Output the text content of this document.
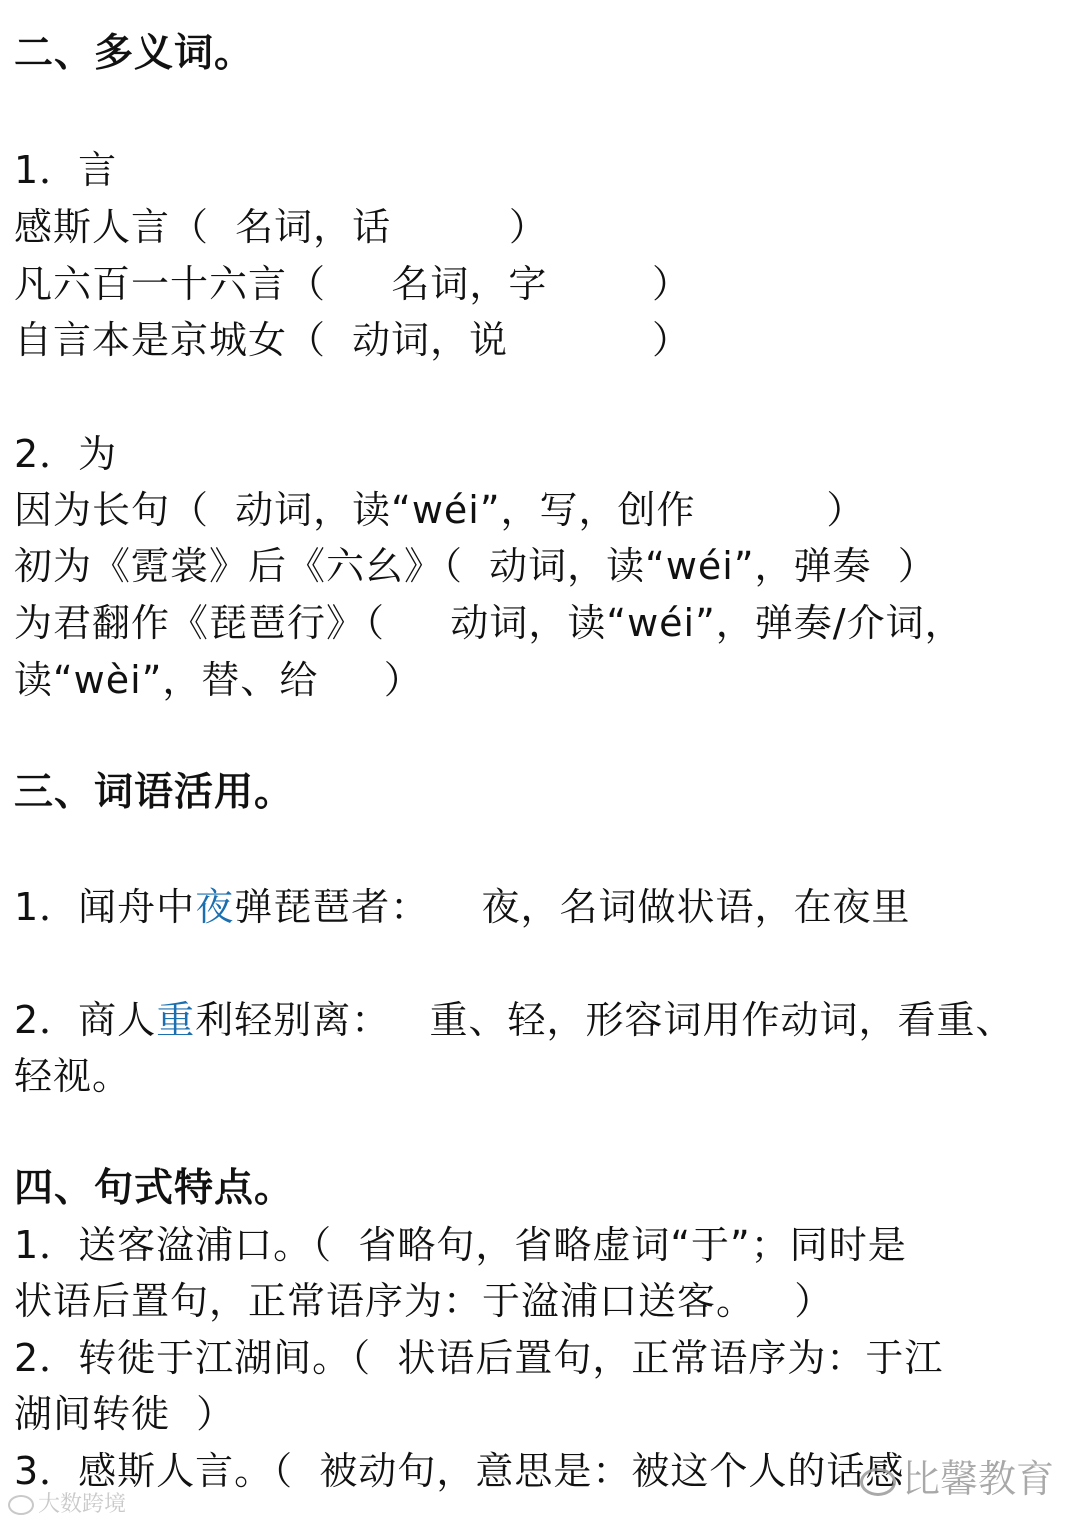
二、多义词。
1．言
感斯人言（  名词，话         ）
凡六百一十六言（     名词，字        ）
自言本是京城女（  动词，说           ）
2．为
因为长句（  动词，读“wéi”，写，创作          ）
初为《霓裳》后《六幺》（  动词，读“wéi”，弹奏  ）
为君翻作《琵琶行》（     动词，读“wéi”，弹奏/介词，
读“wèi”，替、给     ）
三、词语活用。
1．闻舟中夜弹琵琶者：    夜，名词做状语，在夜里
2．商人重利轻别离：   重、轻，形容词用作动词，看重、
轻视。
四、句式特点。
1．送客湓浦口。（  省略句，省略虚词“于”；同时是
状语后置句，正常语序为：于湓浦口送客。   ）
2．转徙于江湖间。（  状语后置句，正常语序为：于江
湖间转徙  ）
3．感斯人言。（  被动句，意思是：被这个人的话感
比馨教育
大数跨境
